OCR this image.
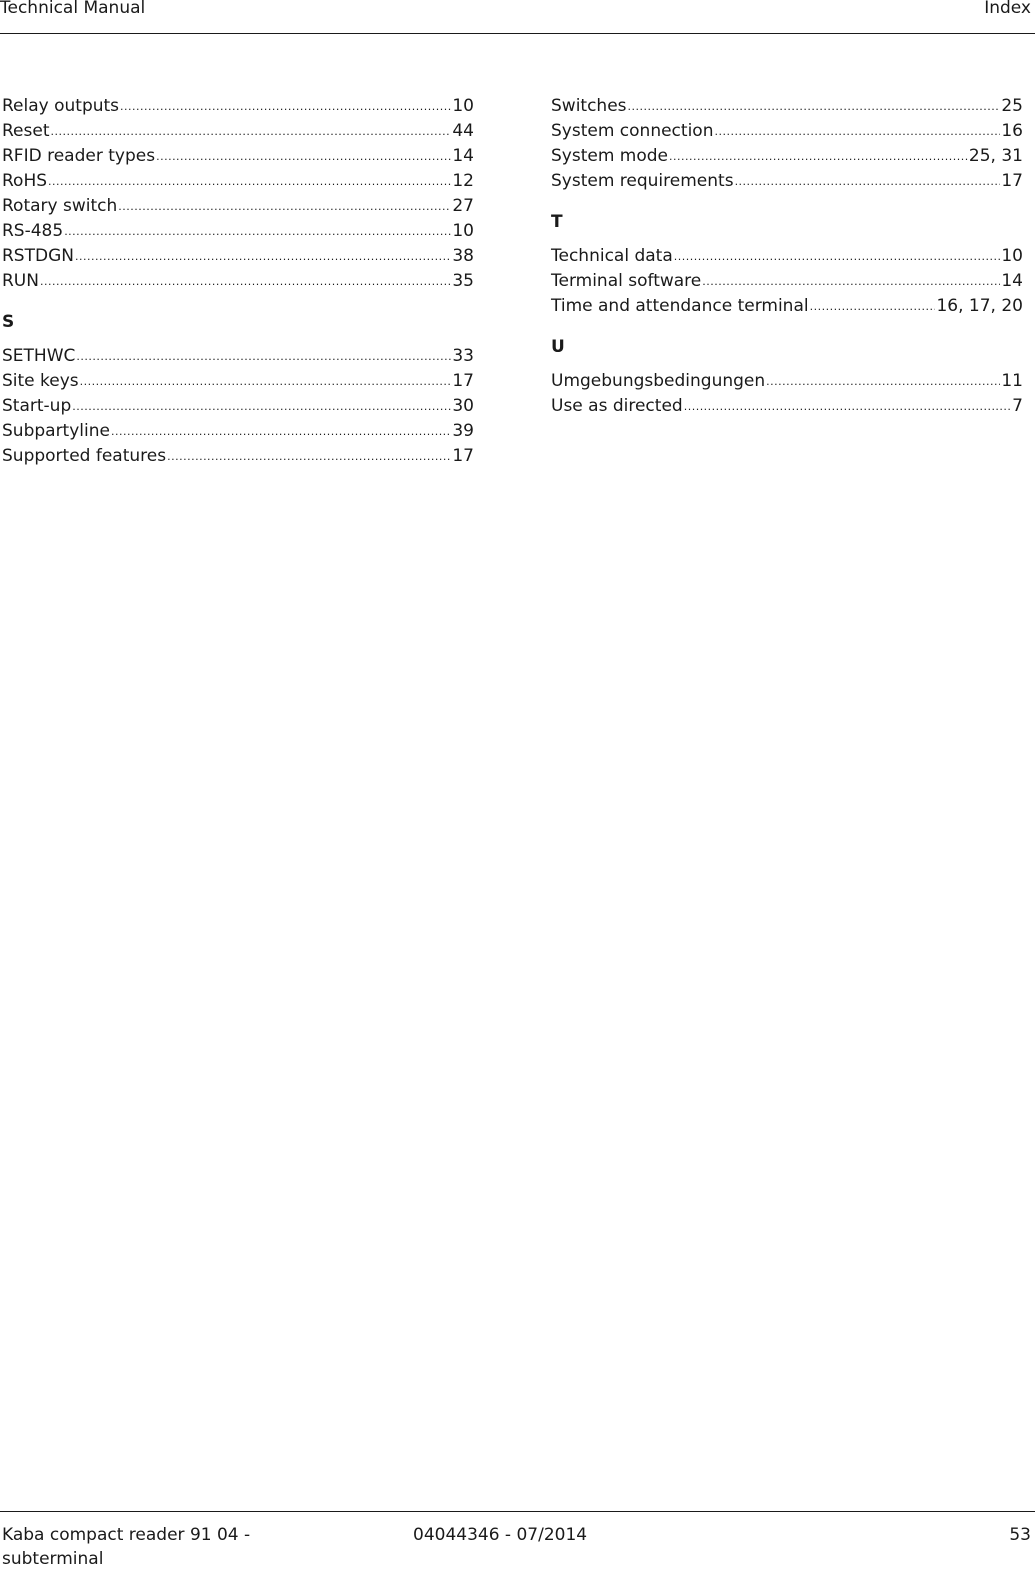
Technical Manual	Index
Relay outputs .....	10
Reset .....	44
RFID reader types .....	14
RoHS .....	12
Rotary switch .....	27
RS-485 .....	10
RSTDGN .....	38
RUN .....	35
S
SETHWC .....	33
Site keys .....	17
Start-up .....	30
Subpartyline .....	39
Supported features .....	17
Switches .....	25
System connection .....	16
System mode .....	25, 31
System requirements .....	17
T
Technical data .....	10
Terminal software .....	14
Time and attendance terminal .....	16, 17, 20
U
Umgebungsbedingungen .....	11
Use as directed .....	7
Kaba compact reader 91 04 -
subterminal
04044346 - 07/2014	53
